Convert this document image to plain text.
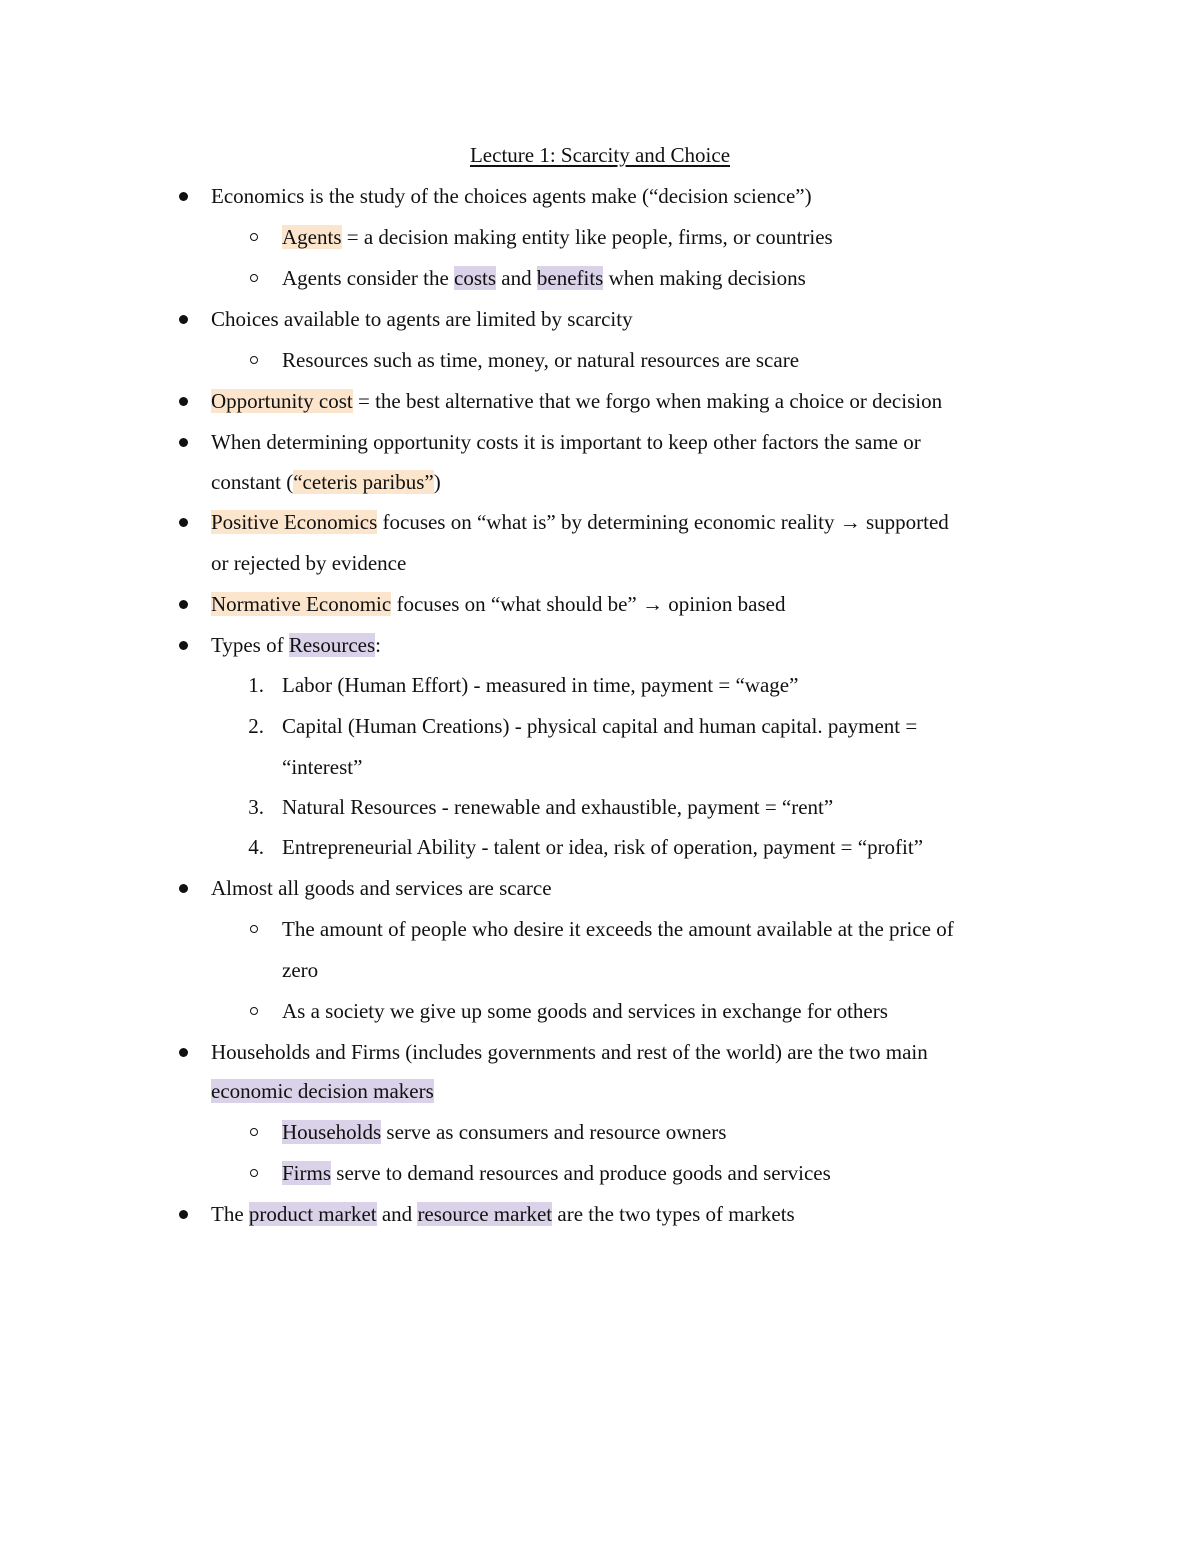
Lecture 1: Scarcity and Choice
Economics is the study of the choices agents make (“decision science”)
Agents = a decision making entity like people, firms, or countries
Agents consider the costs and benefits when making decisions
Choices available to agents are limited by scarcity
Resources such as time, money, or natural resources are scare
Opportunity cost = the best alternative that we forgo when making a choice or decision
When determining opportunity costs it is important to keep other factors the same or
constant (“ceteris paribus”)
Positive Economics focuses on “what is” by determining economic reality → supported
or rejected by evidence
Normative Economic focuses on “what should be” → opinion based
Types of Resources:
1. Labor (Human Effort) - measured in time, payment = “wage”
2. Capital (Human Creations) - physical capital and human capital. payment =
“interest”
3. Natural Resources - renewable and exhaustible, payment = “rent”
4. Entrepreneurial Ability - talent or idea, risk of operation, payment = “profit”
Almost all goods and services are scarce
The amount of people who desire it exceeds the amount available at the price of
zero
As a society we give up some goods and services in exchange for others
Households and Firms (includes governments and rest of the world) are the two main
economic decision makers
Households serve as consumers and resource owners
Firms serve to demand resources and produce goods and services
The product market and resource market are the two types of markets
